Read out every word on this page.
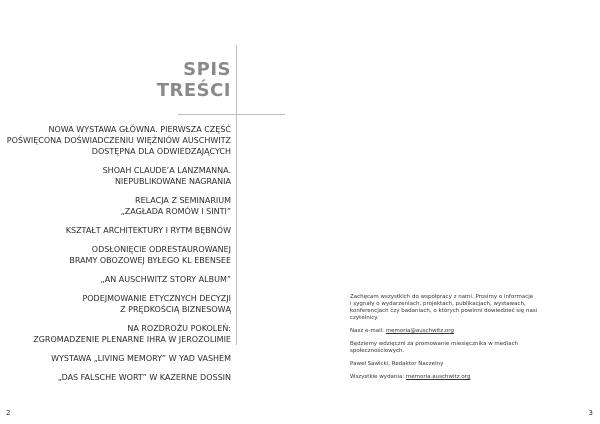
SPIS
TREŚCI
NOWA WYSTAWA GŁÓWNA. PIERWSZA CZĘŚĆ
POŚWIĘCONA DOŚWIADCZENIU WIĘŹNIÓW AUSCHWITZ
DOSTĘPNA DLA ODWIEDZAJĄCYCH
SHOAH CLAUDE’A LANZMANNA.
NIEPUBLIKOWANE NAGRANIA
RELACJA Z SEMINARIUM
„ZAGŁADA ROMÓW I SINTI”
KSZTAŁT ARCHITEKTURY I RYTM BĘBNÓW
ODSŁONIĘCIE ODRESTAUROWANEJ
BRAMY OBOZOWEJ BYŁEGO KL EBENSEE
„AN AUSCHWITZ STORY ALBUM”
PODEJMOWANIE ETYCZNYCH DECYZJI
Z PRĘDKOŚCIĄ BIZNESOWĄ
NA ROZDROŻU POKOLEŃ:
ZGROMADZENIE PLENARNE IHRA W JEROZOLIMIE
WYSTAWA „LIVING MEMORY” W YAD VASHEM
„DAS FALSCHE WORT” W KAZERNE DOSSIN
2

Zachęcam wszystkich do współpracy z nami. Prosimy o informacje
i sygnały o wydarzeniach, projektach, publikacjach, wystawach,
konferencjach czy badaniach, o których powinni dowiedzieć się nasi
czytelnicy.

Nasz e-mail: memoria@auschwitz.org

Będziemy wdzięczni za promowanie miesięcznika w mediach
społecznościowych.

Paweł Sawicki, Redaktor Naczelny

Wszystkie wydania: memoria.auschwitz.org

3
